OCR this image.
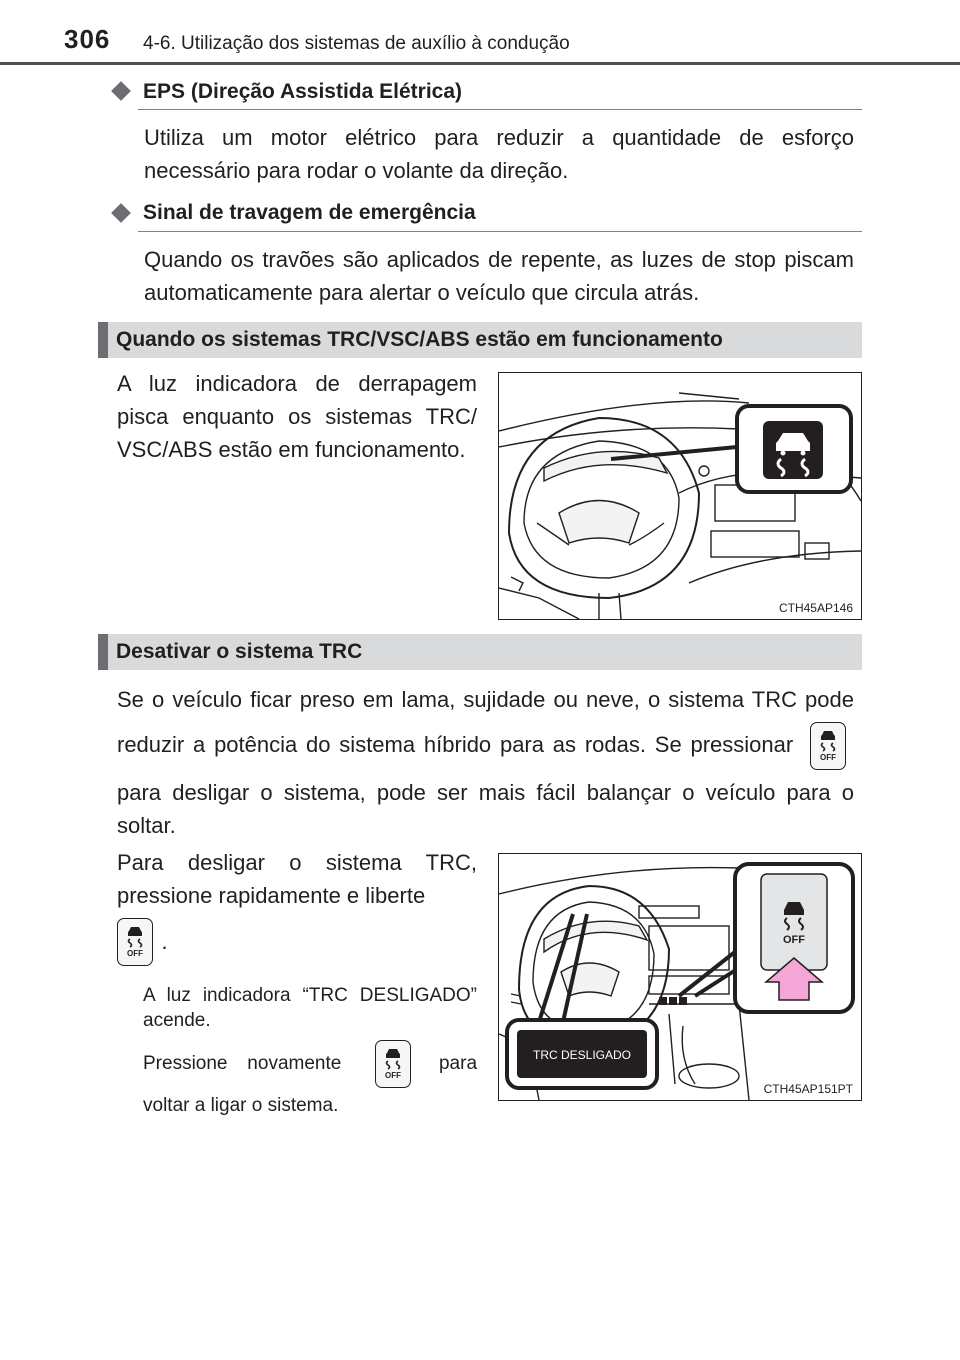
306 4-6. Utilização dos sistemas de auxílio à condução
EPS (Direção Assistida Elétrica)
Utiliza um motor elétrico para reduzir a quantidade de esforço necessário para rodar o volante da direção.
Sinal de travagem de emergência
Quando os travões são aplicados de repente, as luzes de stop piscam automaticamente para alertar o veículo que circula atrás.
Quando os sistemas TRC/VSC/ABS estão em funcionamento
A luz indicadora de derrapagem pisca enquanto os sistemas TRC/ VSC/ABS estão em funcionamento.
CTH45AP146
Desativar o sistema TRC
Se o veículo ficar preso em lama, sujidade ou neve, o sistema TRC pode reduzir a potência do sistema híbrido para as rodas. Se pressionar
OFF
para desligar o sistema, pode ser mais fácil balançar o veículo para o soltar.
Para desligar o sistema TRC, pressione rapidamente e liberte
OFF .
A luz indicadora “TRC DESLIGADO” acende.
Pressione novamente
OFF
para voltar a ligar o sistema.
OFF
TRC DESLIGADO
CTH45AP151PT
